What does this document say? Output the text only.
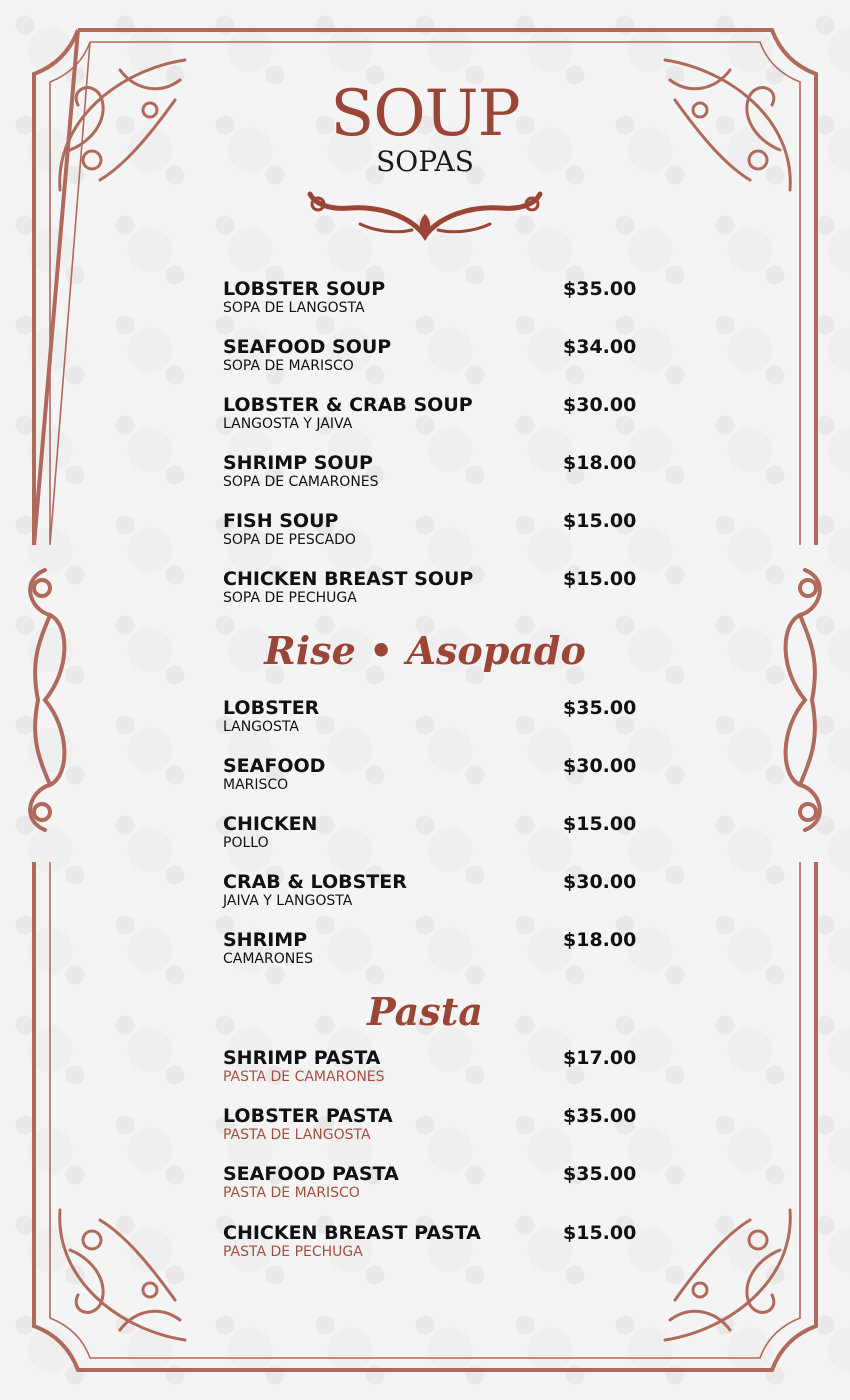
SOUP
SOPAS
LOBSTER SOUP
SOPA DE LANGOSTA
$35.00
SEAFOOD SOUP
SOPA DE MARISCO
$34.00
LOBSTER & CRAB SOUP
LANGOSTA Y JAIVA
$30.00
SHRIMP SOUP
SOPA DE CAMARONES
$18.00
FISH SOUP
SOPA DE PESCADO
$15.00
CHICKEN BREAST SOUP
SOPA DE PECHUGA
$15.00
Rise • Asopado
LOBSTER
LANGOSTA
$35.00
SEAFOOD
MARISCO
$30.00
CHICKEN
POLLO
$15.00
CRAB & LOBSTER
JAIVA Y LANGOSTA
$30.00
SHRIMP
CAMARONES
$18.00
Pasta
SHRIMP PASTA
PASTA DE CAMARONES
$17.00
LOBSTER PASTA
PASTA DE LANGOSTA
$35.00
SEAFOOD PASTA
PASTA DE MARISCO
$35.00
CHICKEN BREAST PASTA
PASTA DE PECHUGA
$15.00
